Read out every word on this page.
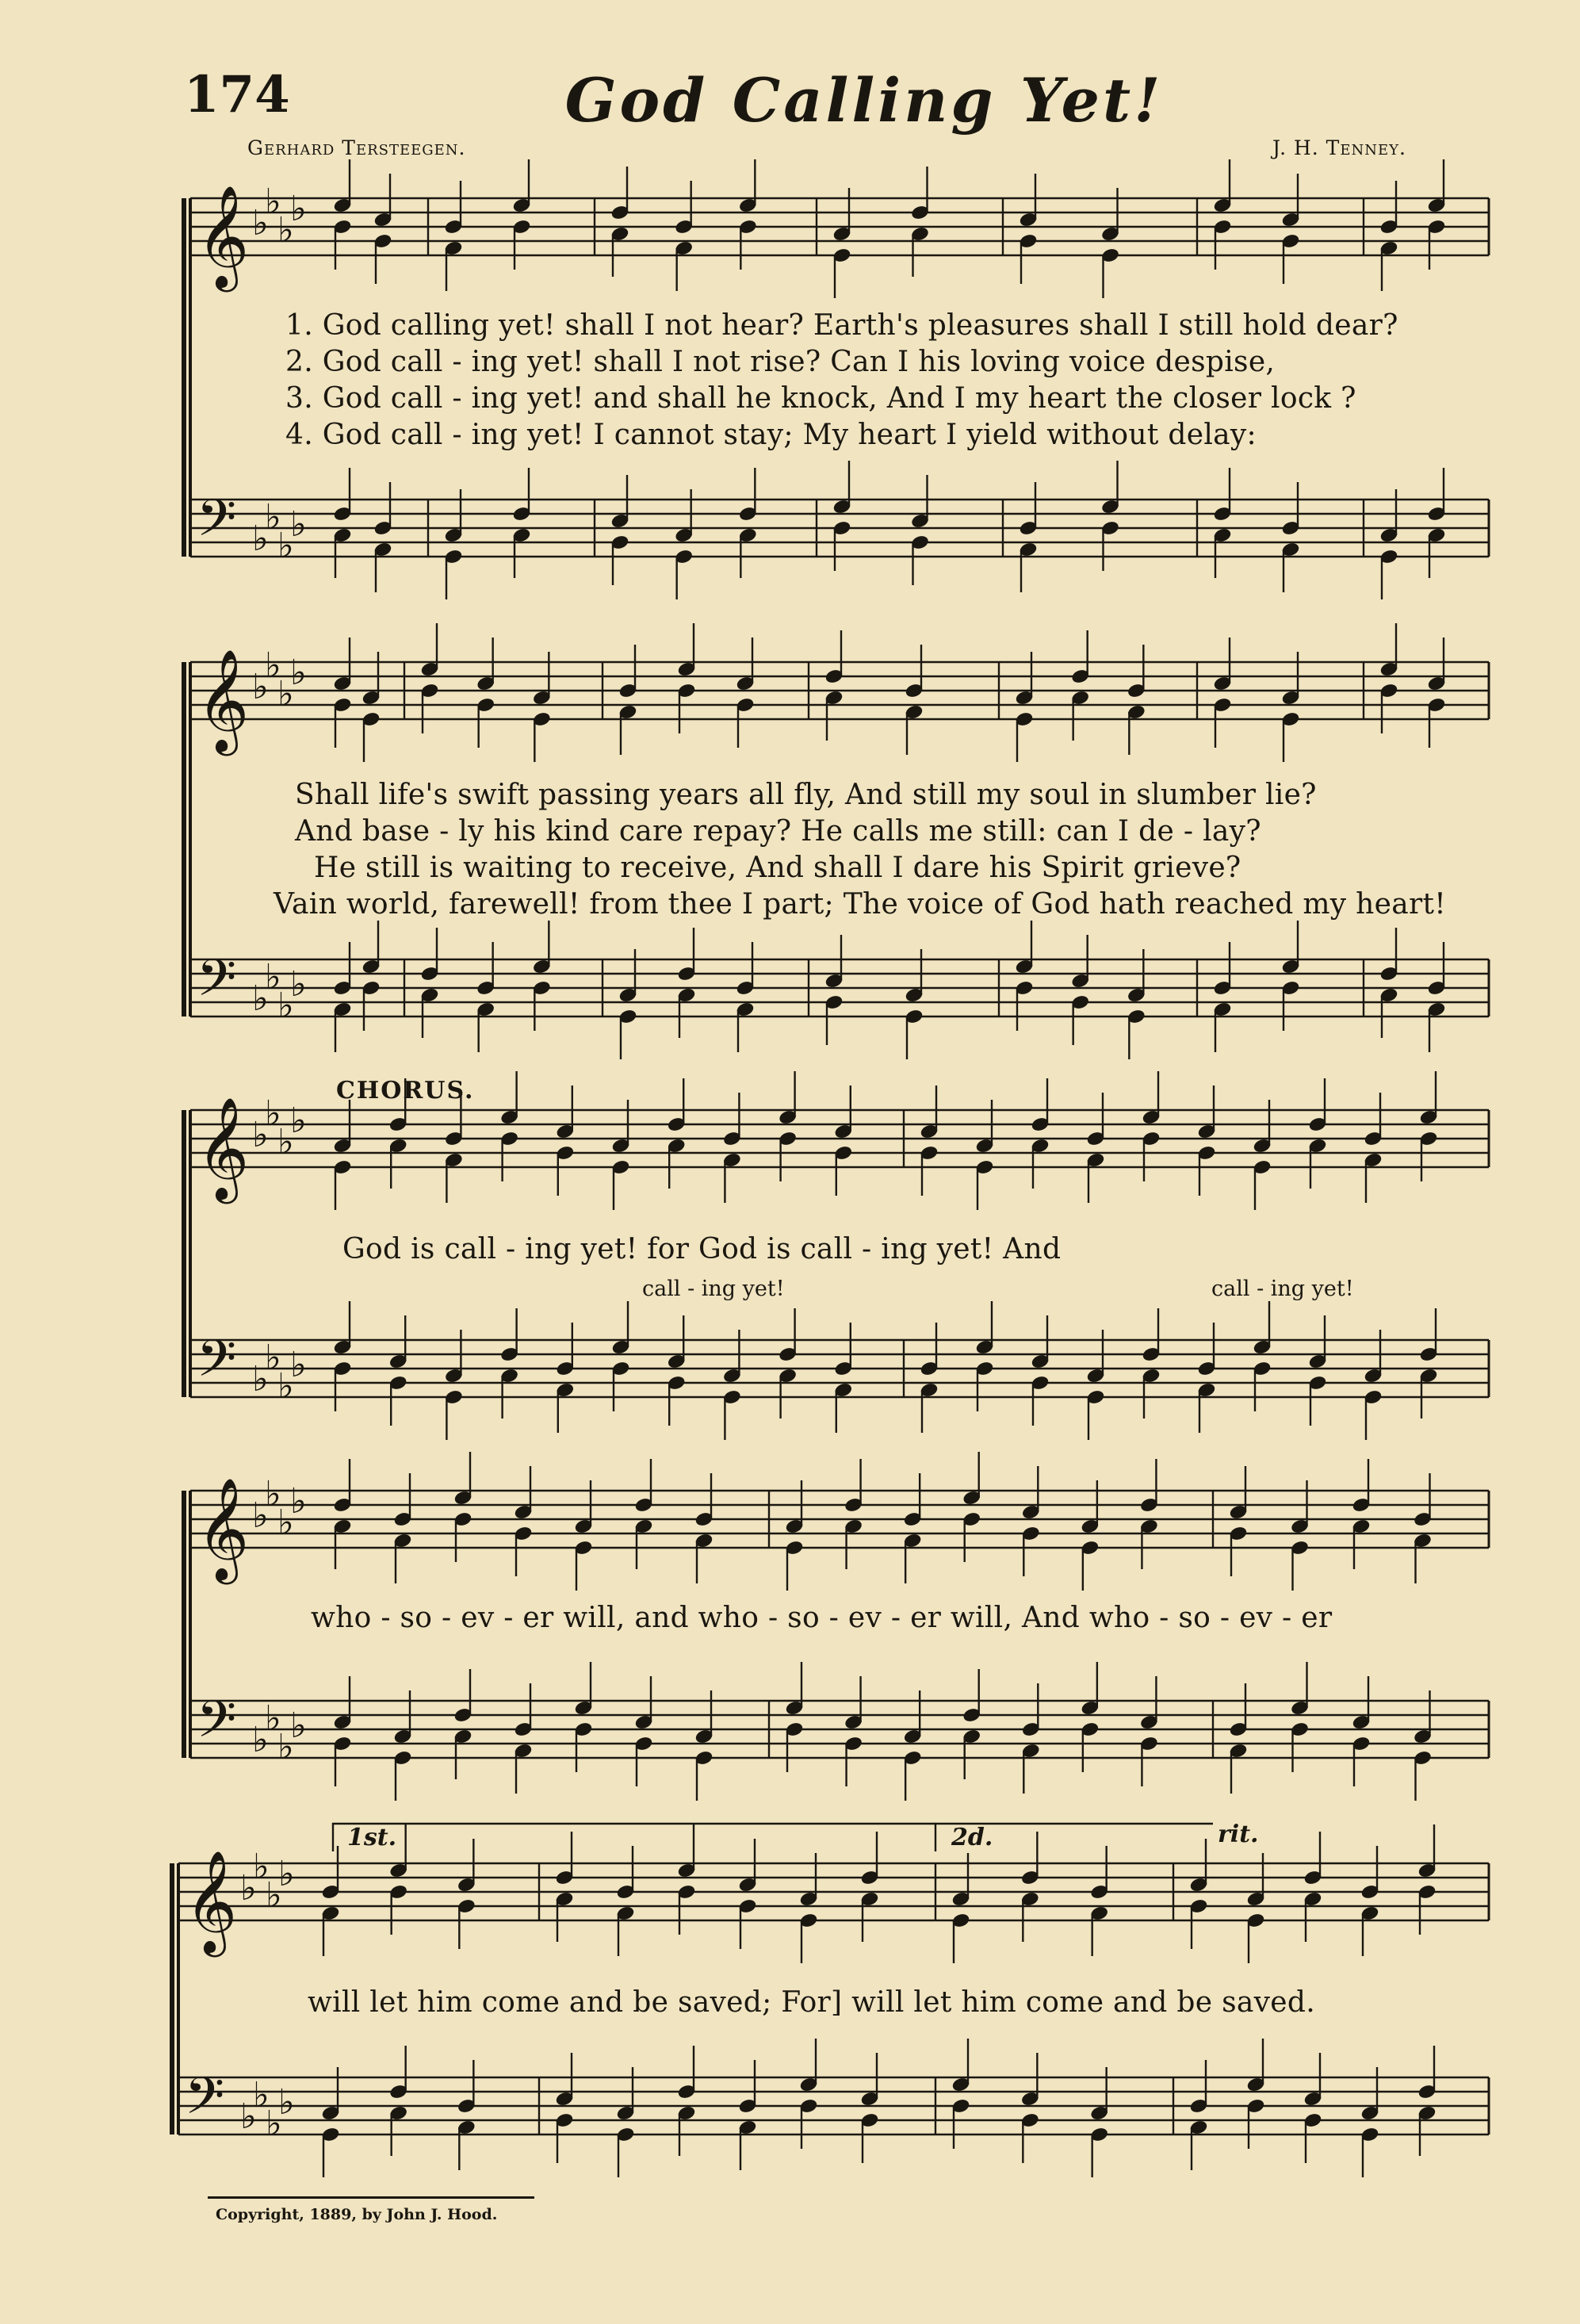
174	God Calling Yet!
Gerhard Tersteegen.	J. H. Tenney.
𝄞 ♭
♭
♭
♭
𝄢 ♭
♭
♭
♭
𝄞 ♭
♭
♭
♭
𝄢 ♭
♭
♭
♭
𝄞 ♭
♭
♭
♭
𝄢 ♭
♭
♭
♭
𝄞 ♭
♭
♭
♭
𝄢 ♭
♭
♭
♭
𝄞 ♭
♭
♭
♭
𝄢 ♭
♭
♭
♭
1. God calling yet! shall I not hear? Earth's pleasures shall I still hold dear?
2. God call - ing yet! shall I not rise? Can I his loving voice despise,
3. God call - ing yet! and shall he knock, And I my heart the closer lock ?
4. God call - ing yet! I cannot stay; My heart I yield without delay:
Shall life's swift passing years all fly, And still my soul in slumber lie?
And base - ly his kind care repay? He calls me still: can I de - lay?
He still is waiting to receive, And shall I dare his Spirit grieve?
Vain world, farewell! from thee I part; The voice of God hath reached my heart!
CHORUS.
God is call - ing yet! for God is call - ing yet! And
call - ing yet!	call - ing yet!
who - so - ev - er will, and who - so - ev - er will, And who - so - ev - er
1st.	2d.	rit.
will let him come and be saved; For] will let him come and be saved.
Copyright, 1889, by John J. Hood.
